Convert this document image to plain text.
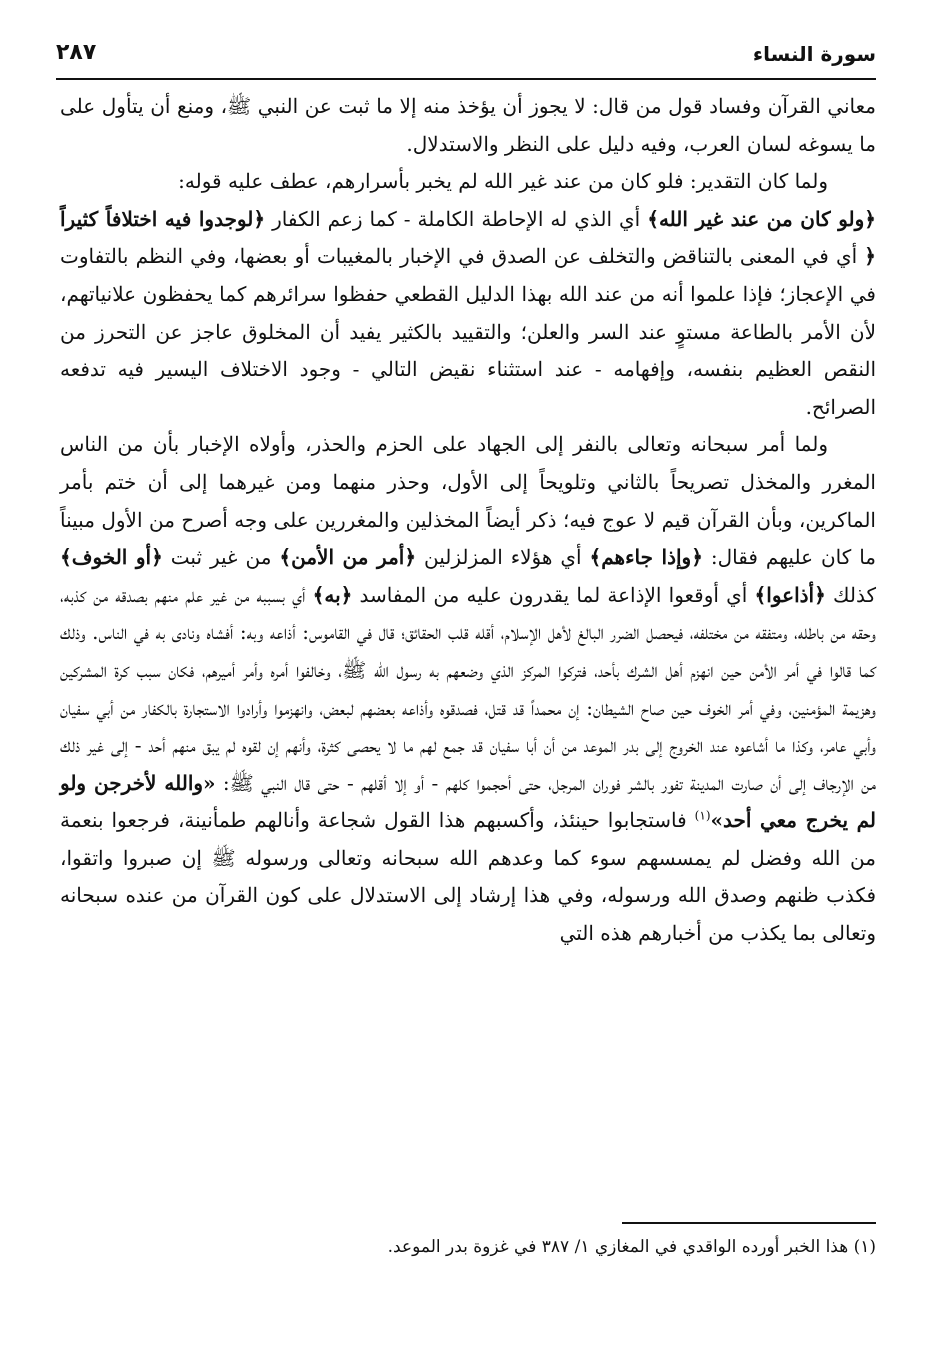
سورة النساء
٢٨٧

معاني القرآن وفساد قول من قال: لا يجوز أن يؤخذ منه إلا ما ثبت عن النبي ﷺ، ومنع أن يتأول على ما يسوغه لسان العرب، وفيه دليل على النظر والاستدلال.

ولما كان التقدير: فلو كان من عند غير الله لم يخبر بأسرارهم، عطف عليه قوله:

﴿ولو كان من عند غير الله﴾ أي الذي له الإحاطة الكاملة - كما زعم الكفار ﴿لوجدوا فيه اختلافاً كثيراً ﴿ أي في المعنى بالتناقض والتخلف عن الصدق في الإخبار بالمغيبات أو بعضها، وفي النظم بالتفاوت في الإعجاز؛ فإذا علموا أنه من عند الله بهذا الدليل القطعي حفظوا سرائرهم كما يحفظون علانياتهم، لأن الأمر بالطاعة مستوٍ عند السر والعلن؛ والتقييد بالكثير يفيد أن المخلوق عاجز عن التحرز من النقص العظيم بنفسه، وإفهامه - عند استثناء نقيض التالي - وجود الاختلاف اليسير فيه تدفعه الصرائح.

ولما أمر سبحانه وتعالى بالنفر إلى الجهاد على الحزم والحذر، وأولاه الإخبار بأن من الناس المغرر والمخذل تصريحاً بالثاني وتلويحاً إلى الأول، وحذر منهما ومن غيرهما إلى أن ختم بأمر الماكرين، وبأن القرآن قيم لا عوج فيه؛ ذكر أيضاً المخذلين والمغررين على وجه أصرح من الأول مبيناً ما كان عليهم فقال: ﴿وإذا جاءهم﴾ أي هؤلاء المزلزلين ﴿أمر من الأمن﴾ من غير ثبت ﴿أو الخوف﴾ كذلك ﴿أذاعوا﴾ أي أوقعوا الإذاعة لما يقدرون عليه من المفاسد ﴿به﴾ أي بسببه من غير علم منهم بصدقه من كذبه، وحقه من باطله، ومتفقه من مختلفه، فيحصل الضرر البالغ لأهل الإسلام، أقله قلب الحقائق؛ قال في القاموس: أذاعه وبه: أفشاه ونادى به في الناس. وذلك كما قالوا في أمر الأمن حين انهزم أهل الشرك بأحد، فتركوا المركز الذي وضعهم به رسول الله ﷺ، وخالفوا أمره وأمر أميرهم، فكان سبب كرة المشركين وهزيمة المؤمنين، وفي أمر الخوف حين صاح الشيطان: إن محمداً قد قتل، فصدقوه وأذاعه بعضهم لبعض، وانهزموا وأرادوا الاستجارة بالكفار من أبي سفيان وأبي عامر، وكذا ما أشاعوه عند الخروج إلى بدر الموعد من أن أبا سفيان قد جمع لهم ما لا يحصى كثرة، وأنهم إن لقوه لم يبق منهم أحد - إلى غير ذلك من الإرجاف إلى أن صارت المدينة تفور بالشر فوران المرجل، حتى أحجموا كلهم - أو إلا أقلهم - حتى قال النبي ﷺ: «والله لأخرجن ولو لم يخرج معي أحد»$^{(١)}$ فاستجابوا حينئذ، وأكسبهم هذا القول شجاعة وأنالهم طمأنينة، فرجعوا بنعمة من الله وفضل لم يمسسهم سوء كما وعدهم الله سبحانه وتعالى ورسوله ﷺ إن صبروا واتقوا، فكذب ظنهم وصدق الله ورسوله، وفي هذا إرشاد إلى الاستدلال على كون القرآن من عنده سبحانه وتعالى بما يكذب من أخبارهم هذه التي

(١) هذا الخبر أورده الواقدي في المغازي ١/ ٣٨٧ في غزوة بدر الموعد.
